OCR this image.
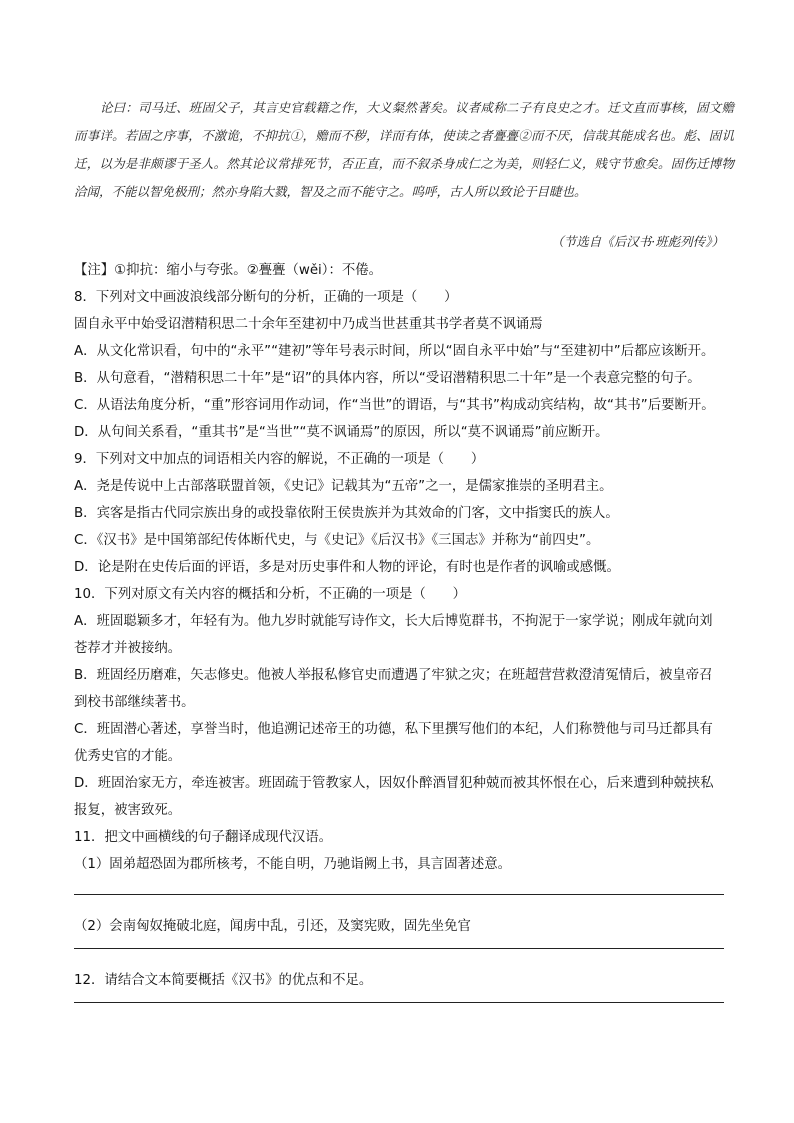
论曰：司马迁、班固父子，其言史官载籍之作，大义粲然著矣。议者咸称二子有良史之才。迁文直而事核，固文赡而事详。若固之序事，不激诡，不抑抗①，赡而不秽，详而有体，使读之者亹亹②而不厌，信哉其能成名也。彪、固讥迁，以为是非颇谬于圣人。然其论议常排死节，否正直，而不叙杀身成仁之为美，则轻仁义，贱守节愈矣。固伤迁博物洽闻，不能以智免极刑；然亦身陷大戮，智及之而不能守之。呜呼，古人所以致论于目睫也。

（节选自《后汉书·班彪列传》）
【注】①抑抗：缩小与夸张。②亹亹（wěi）：不倦。
8．下列对文中画波浪线部分断句的分析，正确的一项是（　　）
固自永平中始受诏潜精积思二十余年至建初中乃成当世甚重其书学者莫不讽诵焉
A．从文化常识看，句中的“永平”“建初”等年号表示时间，所以“固自永平中始”与“至建初中”后都应该断开。
B．从句意看，“潜精积思二十年”是“诏”的具体内容，所以“受诏潜精积思二十年”是一个表意完整的句子。
C．从语法角度分析，“重”形容词用作动词，作“当世”的谓语，与“其书”构成动宾结构，故“其书”后要断开。
D．从句间关系看，“重其书”是“当世”“莫不讽诵焉”的原因，所以“莫不讽诵焉”前应断开。
9．下列对文中加点的词语相关内容的解说，不正确的一项是（　　）
A．尧是传说中上古部落联盟首领，《史记》记载其为“五帝”之一，是儒家推崇的圣明君主。
B．宾客是指古代同宗族出身的或投靠依附王侯贵族并为其效命的门客，文中指窦氏的族人。
C．《汉书》是中国第部纪传体断代史，与《史记》《后汉书》《三国志》并称为“前四史”。
D．论是附在史传后面的评语，多是对历史事件和人物的评论，有时也是作者的讽喻或感慨。
10．下列对原文有关内容的概括和分析，不正确的一项是（　　）
A．班固聪颖多才，年轻有为。他九岁时就能写诗作文，长大后博览群书，不拘泥于一家学说；刚成年就向刘苍荐才并被接纳。
B．班固经历磨难，矢志修史。他被人举报私修官史而遭遇了牢狱之灾；在班超营营救澄清冤情后，被皇帝召到校书部继续著书。
C．班固潜心著述，享誉当时，他追溯记述帝王的功德，私下里撰写他们的本纪，人们称赞他与司马迁都具有优秀史官的才能。
D．班固治家无方，牵连被害。班固疏于管教家人，因奴仆醉酒冒犯种兢而被其怀恨在心，后来遭到种兢挟私报复，被害致死。
11．把文中画横线的句子翻译成现代汉语。
（1）固弟超恐固为郡所核考，不能自明，乃驰诣阙上书，具言固著述意。
（2）会南匈奴掩破北庭，闻虏中乱，引还，及窦宪败，固先坐免官
12．请结合文本简要概括《汉书》的优点和不足。
